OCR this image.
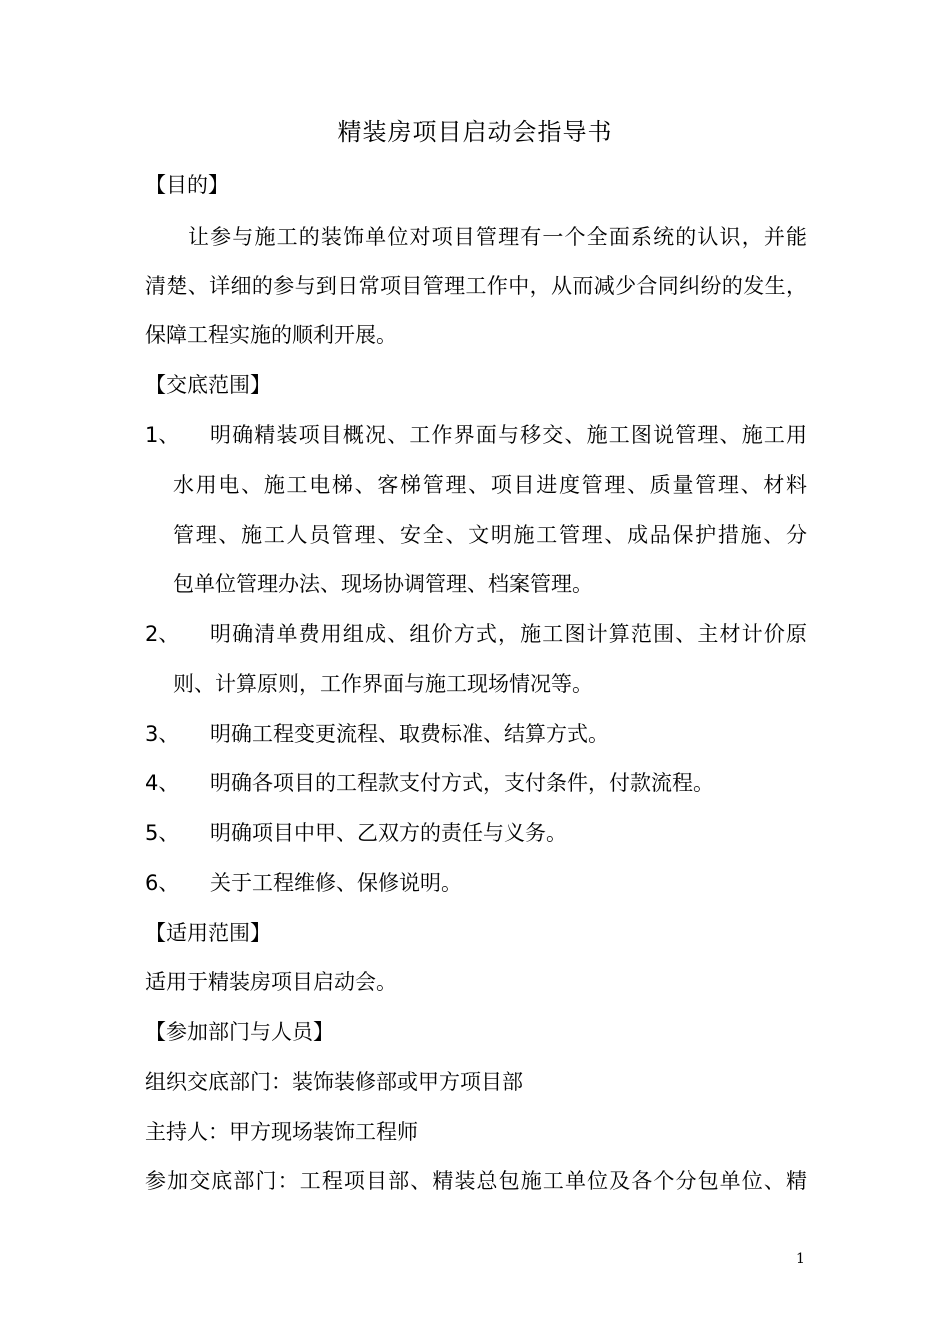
精装房项目启动会指导书
【目的】
让参与施工的装饰单位对项目管理有一个全面系统的认识，并能
清楚、详细的参与到日常项目管理工作中，从而减少合同纠纷的发生，
保障工程实施的顺利开展。
【交底范围】
1、 明确精装项目概况、工作界面与移交、施工图说管理、施工用
水用电、施工电梯、客梯管理、项目进度管理、质量管理、材料
管理、施工人员管理、安全、文明施工管理、成品保护措施、分
包单位管理办法、现场协调管理、档案管理。
2、 明确清单费用组成、组价方式，施工图计算范围、主材计价原
则、计算原则，工作界面与施工现场情况等。
3、 明确工程变更流程、取费标准、结算方式。
4、 明确各项目的工程款支付方式，支付条件，付款流程。
5、 明确项目中甲、乙双方的责任与义务。
6、 关于工程维修、保修说明。
【适用范围】
适用于精装房项目启动会。
【参加部门与人员】
组织交底部门：装饰装修部或甲方项目部
主持人：甲方现场装饰工程师
参加交底部门：工程项目部、精装总包施工单位及各个分包单位、精
1
